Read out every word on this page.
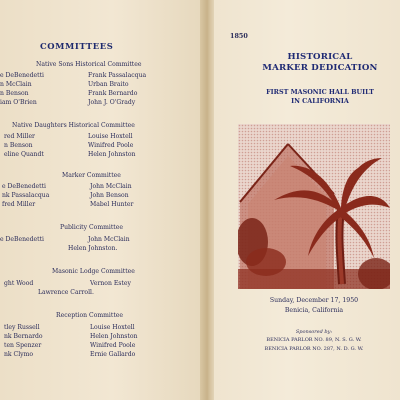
COMMITTEES
Native Sons Historical Committee
e DeBenedetti	Frank Passalacqua
n McClain	Urban Braito
n Benson	Frank Bernardo
iam O'Brien	John J. O'Grady
Native Daughters Historical Committee
red Miller	Louise Hoxtell
n Benson	Winifred Poole
eline Quandt	Helen Johnston
Marker Committee
e DeBenedetti	John McClain
nk Passalacqua	John Benson
fred Miller	Mabel Hunter
Publicity Committee
e DeBenedetti	John McClain
Helen Johnston.
Masonic Lodge Committee
ght Wood	Vernon Estey
Lawrence Carroll.
Reception Committee
tley Russell	Louise Hoxtell
nk Bernardo	Helen Johnston
ten Spenzer	Winifred Poole
nk Clymo	Ernie Gallardo
1850
HISTORICAL
MARKER DEDICATION
FIRST MASONIC HALL BUILT
IN CALIFORNIA
Sunday, December 17, 1950
Benicia, California
Sponsored by:
BENICIA PARLOR NO. 89, N. S. G. W.
BENICIA PARLOR NO. 287, N. D. G. W.
